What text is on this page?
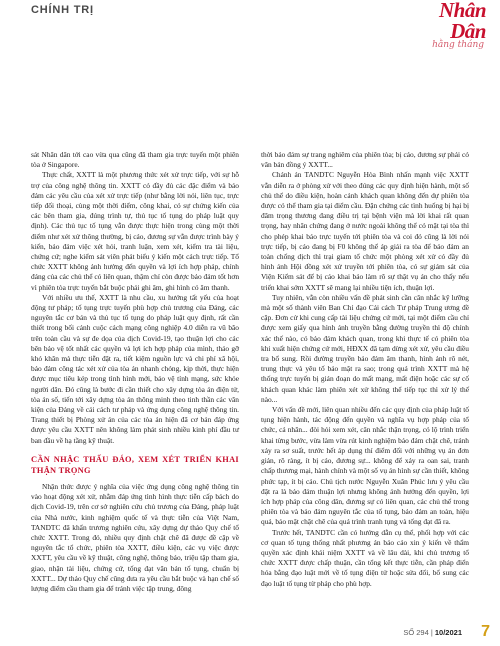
CHÍNH TRỊ	Nhân Dân
hằng tháng

sát Nhân dân tới cao vừa qua cũng đã tham gia trực tuyến một phiên tòa ở Singapore.

Thực chất, XXTT là một phương thức xét xử trực tiếp, với sự hỗ trợ của công nghệ thông tin. XXTT có đầy đủ các đặc điểm và bảo đảm các yêu cầu của xét xử trực tiếp (như bằng lời nói, liên tục, trực tiếp đối thoại, cùng một thời điểm, công khai, có sự chứng kiến của các bên tham gia, đúng trình tự, thủ tục tố tụng do pháp luật quy định). Các thủ tục tố tụng vẫn được thực hiện trong cùng một thời điểm như xét xử thông thường, bị cáo, đương sự vẫn được trình bày ý kiến, bảo đảm việc xét hỏi, tranh luận, xem xét, kiểm tra tài liệu, chứng cứ; nghe kiểm sát viên phát biểu ý kiến một cách trực tiếp. Tổ chức XXTT không ảnh hưởng đến quyền và lợi ích hợp pháp, chính đáng của các chủ thể có liên quan, thậm chí còn được bảo đảm tốt hơn vì phiên tòa trực tuyến bắt buộc phải ghi âm, ghi hình có âm thanh.

Với nhiều ưu thế, XXTT là nhu cầu, xu hướng tất yếu của hoạt động tư pháp; tố tụng trực tuyến phù hợp chủ trương của Đảng, các nguyên tắc cơ bản và thủ tục tố tụng do pháp luật quy định, rất cần thiết trong bối cảnh cuộc cách mạng công nghiệp 4.0 diễn ra vũ bão trên toàn cầu và sự đe dọa của dịch Covid-19, tạo thuận lợi cho các bên bảo vệ tốt nhất các quyền và lợi ích hợp pháp của mình, tháo gỡ khó khăn mà thực tiễn đặt ra, tiết kiệm nguồn lực và chi phí xã hội, bảo đảm công tác xét xử của tòa án nhanh chóng, kịp thời, thực hiện được mục tiêu kép trong tình hình mới, bảo vệ tính mạng, sức khỏe người dân. Đó cũng là bước đi cần thiết cho xây dựng tòa án điện tử, tòa án số, tiến tới xây dựng tòa án thông minh theo tinh thần các văn kiện của Đảng về cải cách tư pháp và ứng dụng công nghệ thông tin. Trang thiết bị Phòng xử án của các tòa án hiện đã cơ bản đáp ứng được yêu cầu XXTT nên không làm phát sinh nhiều kinh phí đầu tư ban đầu về hạ tầng kỹ thuật.

CẦN NHẬC THẤU ĐÁO, XEM XÉT TRIỂN KHAI THẬN TRỌNG

Nhận thức được ý nghĩa của việc ứng dụng công nghệ thông tin vào hoạt động xét xử, nhằm đáp ứng tình hình thực tiễn cấp bách do dịch Covid-19, trên cơ sở nghiên cứu chủ trương của Đảng, pháp luật của Nhà nước, kinh nghiệm quốc tế và thực tiễn của Việt Nam, TANDTC đã khẩn trương nghiên cứu, xây dựng dự thảo Quy chế tổ chức XXTT. Trong đó, nhiều quy định chặt chẽ đã được đề cập về nguyên tắc tổ chức, phiên tòa XXTT, điều kiện, các vụ việc được XXTT, yêu cầu về kỹ thuật, công nghệ, thông báo, triệu tập tham gia, giao, nhận tài liệu, chứng cứ, tống đạt văn bản tố tụng, chuẩn bị XXTT... Dự thảo Quy chế cũng đưa ra yêu cầu bắt buộc và hạn chế số lượng điểm cầu tham gia để tránh việc tập trung, đông

thời bảo đảm sự trang nghiêm của phiên tòa; bị cáo, đương sự phải có văn bản đồng ý XXTT...

Chánh án TANDTC Nguyễn Hòa Bình nhấn mạnh việc XXTT vẫn diễn ra ở phòng xử với theo đúng các quy định hiện hành, một số chủ thể do điều kiện, hoàn cảnh khách quan không đến dự phiên tòa được có thể tham gia tại điểm cầu. Đặn chứng các tình huống bị hại bị đâm trọng thương đang điều trị tại bệnh viện mà lời khai rất quan trọng, hay nhân chứng đang ở nước ngoài không thể có mặt tại tòa thì cho phép khai báo trực tuyến tới phiên tòa và coi đó cũng là lời nói trực tiếp, bị cáo đang bị F0 không thể áp giải ra tòa để bảo đảm an toàn chống dịch thì trại giam tổ chức một phòng xét xử có đầy đủ hình ảnh Hội đồng xét xử truyền tới phiên tòa, có sự giám sát của Viện Kiểm sát để bị cáo khai báo làm rõ sự thật vụ án cho thấy nếu triển khai sớm XXTT sẽ mang lại nhiều tiện ích, thuận lợi.

Tuy nhiên, vẫn còn nhiều vấn đề phát sinh cần cân nhắc kỹ lưỡng mà một số thành viên Ban Chỉ đạo Cải cách Tư pháp Trung ương đề cập. Đơn cử khi cung cấp tài liệu chứng cứ mới, tại một điểm cầu chỉ được xem giấy qua hình ảnh truyền bằng đường truyền thì độ chính xác thế nào, có bảo đảm khách quan, trong khi thực tế có phiên tòa khi xuất hiện chứng cứ mới, HĐXX đã tạm dừng xét xử, yêu cầu điều tra bổ sung. Rồi đường truyền bảo đảm âm thanh, hình ảnh rõ nét, trung thực và yêu tố bảo mật ra sao; trong quá trình XXTT mà hệ thống trực tuyến bị gián đoạn do mất mạng, mất điện hoặc các sự cố khách quan khác làm phiên xét xử không thể tiếp tục thì xử lý thế nào...

Với vấn đề mới, liên quan nhiều đến các quy định của pháp luật tố tụng hiện hành, tác động đến quyền và nghĩa vụ hợp pháp của tổ chức, cá nhân... đòi hỏi xem xét, cân nhắc thận trọng, có lộ trình triển khai từng bước, vừa làm vừa rút kinh nghiệm bảo đảm chặt chẽ, tránh xảy ra sơ suất, trước hết áp dụng thí điểm đối với những vụ án đơn giản, rõ ràng, ít bị cáo, đương sự... không để xảy ra oan sai, tranh chấp thương mại, hành chính và một số vụ án hình sự cần thiết, không phức tạp, ít bị cáo. Chủ tịch nước Nguyễn Xuân Phúc lưu ý yêu cầu đặt ra là bảo đảm thuận lợi nhưng không ảnh hưởng đến quyền, lợi ích hợp pháp của công dân, đương sự có liên quan, các chủ thể trong phiên tòa và bảo đảm nguyên tắc của tố tụng, bảo đảm an toàn, hiệu quả, bảo mật chặt chẽ của quá trình tranh tụng và tống đạt đã ra.

Trước hết, TANDTC cần có hướng dẫn cụ thể, phối hợp với các cơ quan tố tụng thống nhất phương án báo cáo xin ý kiến về thẩm quyền xác định khái niệm XXTT và về lâu dài, khi chủ trương tổ chức XXTT được chấp thuận, cần tổng kết thực tiễn, cần pháp điển hóa bằng đạo luật mới về tố tụng điện tử hoặc sửa đổi, bổ sung các đạo luật tố tụng từ pháp cho phù hợp.

SỐ 294 | 10/2021 7
